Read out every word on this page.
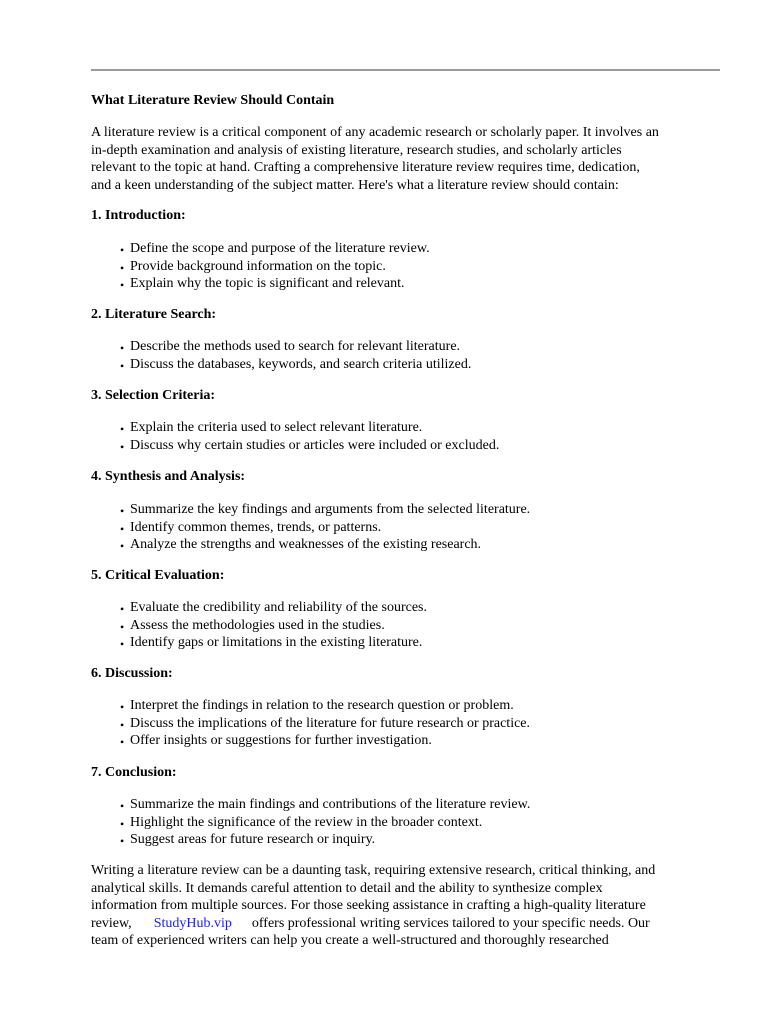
What Literature Review Should Contain

A literature review is a critical component of any academic research or scholarly paper. It involves an
in-depth examination and analysis of existing literature, research studies, and scholarly articles
relevant to the topic at hand. Crafting a comprehensive literature review requires time, dedication,
and a keen understanding of the subject matter. Here's what a literature review should contain:

1. Introduction:
• Define the scope and purpose of the literature review.
• Provide background information on the topic.
• Explain why the topic is significant and relevant.
2. Literature Search:
• Describe the methods used to search for relevant literature.
• Discuss the databases, keywords, and search criteria utilized.
3. Selection Criteria:
• Explain the criteria used to select relevant literature.
• Discuss why certain studies or articles were included or excluded.
4. Synthesis and Analysis:
• Summarize the key findings and arguments from the selected literature.
• Identify common themes, trends, or patterns.
• Analyze the strengths and weaknesses of the existing research.
5. Critical Evaluation:
• Evaluate the credibility and reliability of the sources.
• Assess the methodologies used in the studies.
• Identify gaps or limitations in the existing literature.
6. Discussion:
• Interpret the findings in relation to the research question or problem.
• Discuss the implications of the literature for future research or practice.
• Offer insights or suggestions for further investigation.
7. Conclusion:
• Summarize the main findings and contributions of the literature review.
• Highlight the significance of the review in the broader context.
• Suggest areas for future research or inquiry.

Writing a literature review can be a daunting task, requiring extensive research, critical thinking, and
analytical skills. It demands careful attention to detail and the ability to synthesize complex
information from multiple sources. For those seeking assistance in crafting a high-quality literature
review, StudyHub.vip offers professional writing services tailored to your specific needs. Our
team of experienced writers can help you create a well-structured and thoroughly researched
